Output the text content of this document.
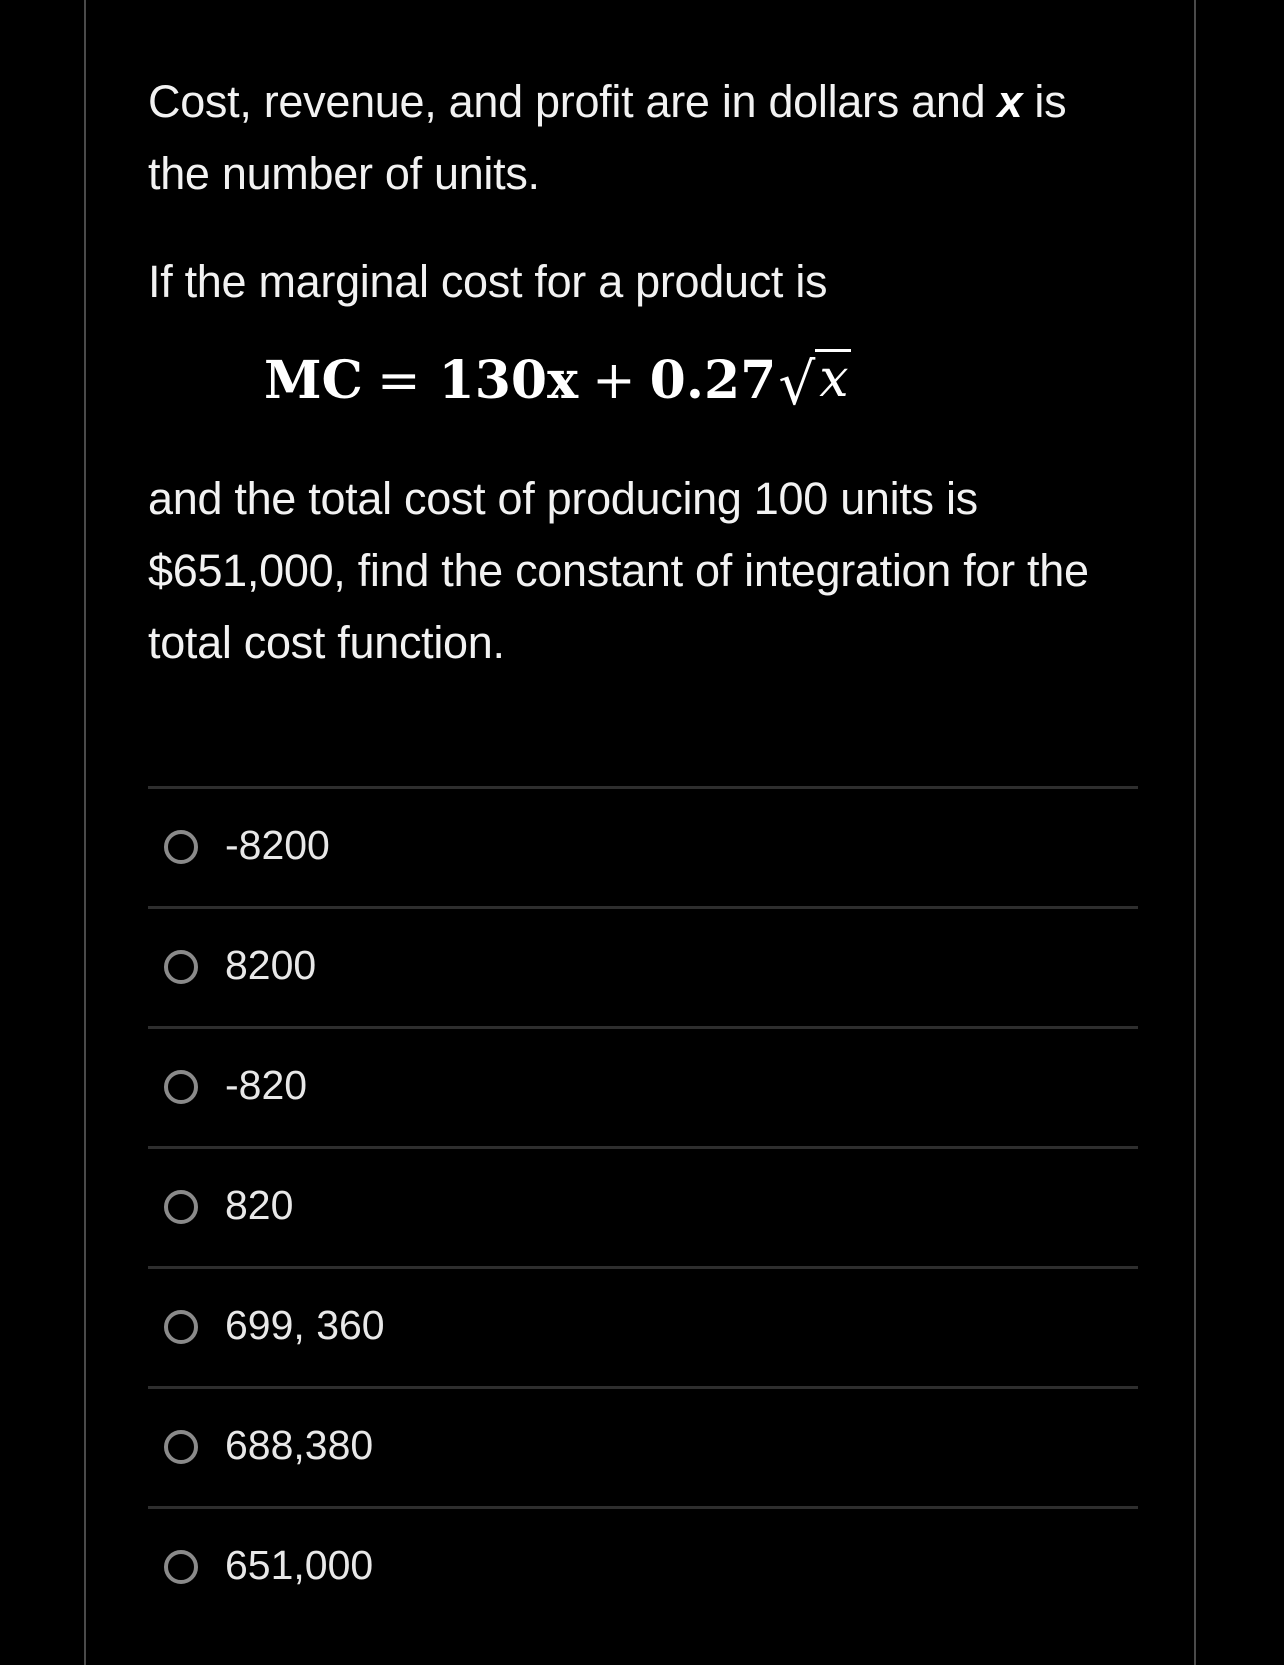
Cost, revenue, and profit are in dollars and x is the number of units.

If the marginal cost for a product is

MC = 130x + 0.27 √ x

and the total cost of producing 100 units is $651,000, find the constant of integration for the total cost function.

-8200
8200
-820
820
699, 360
688,380
651,000
